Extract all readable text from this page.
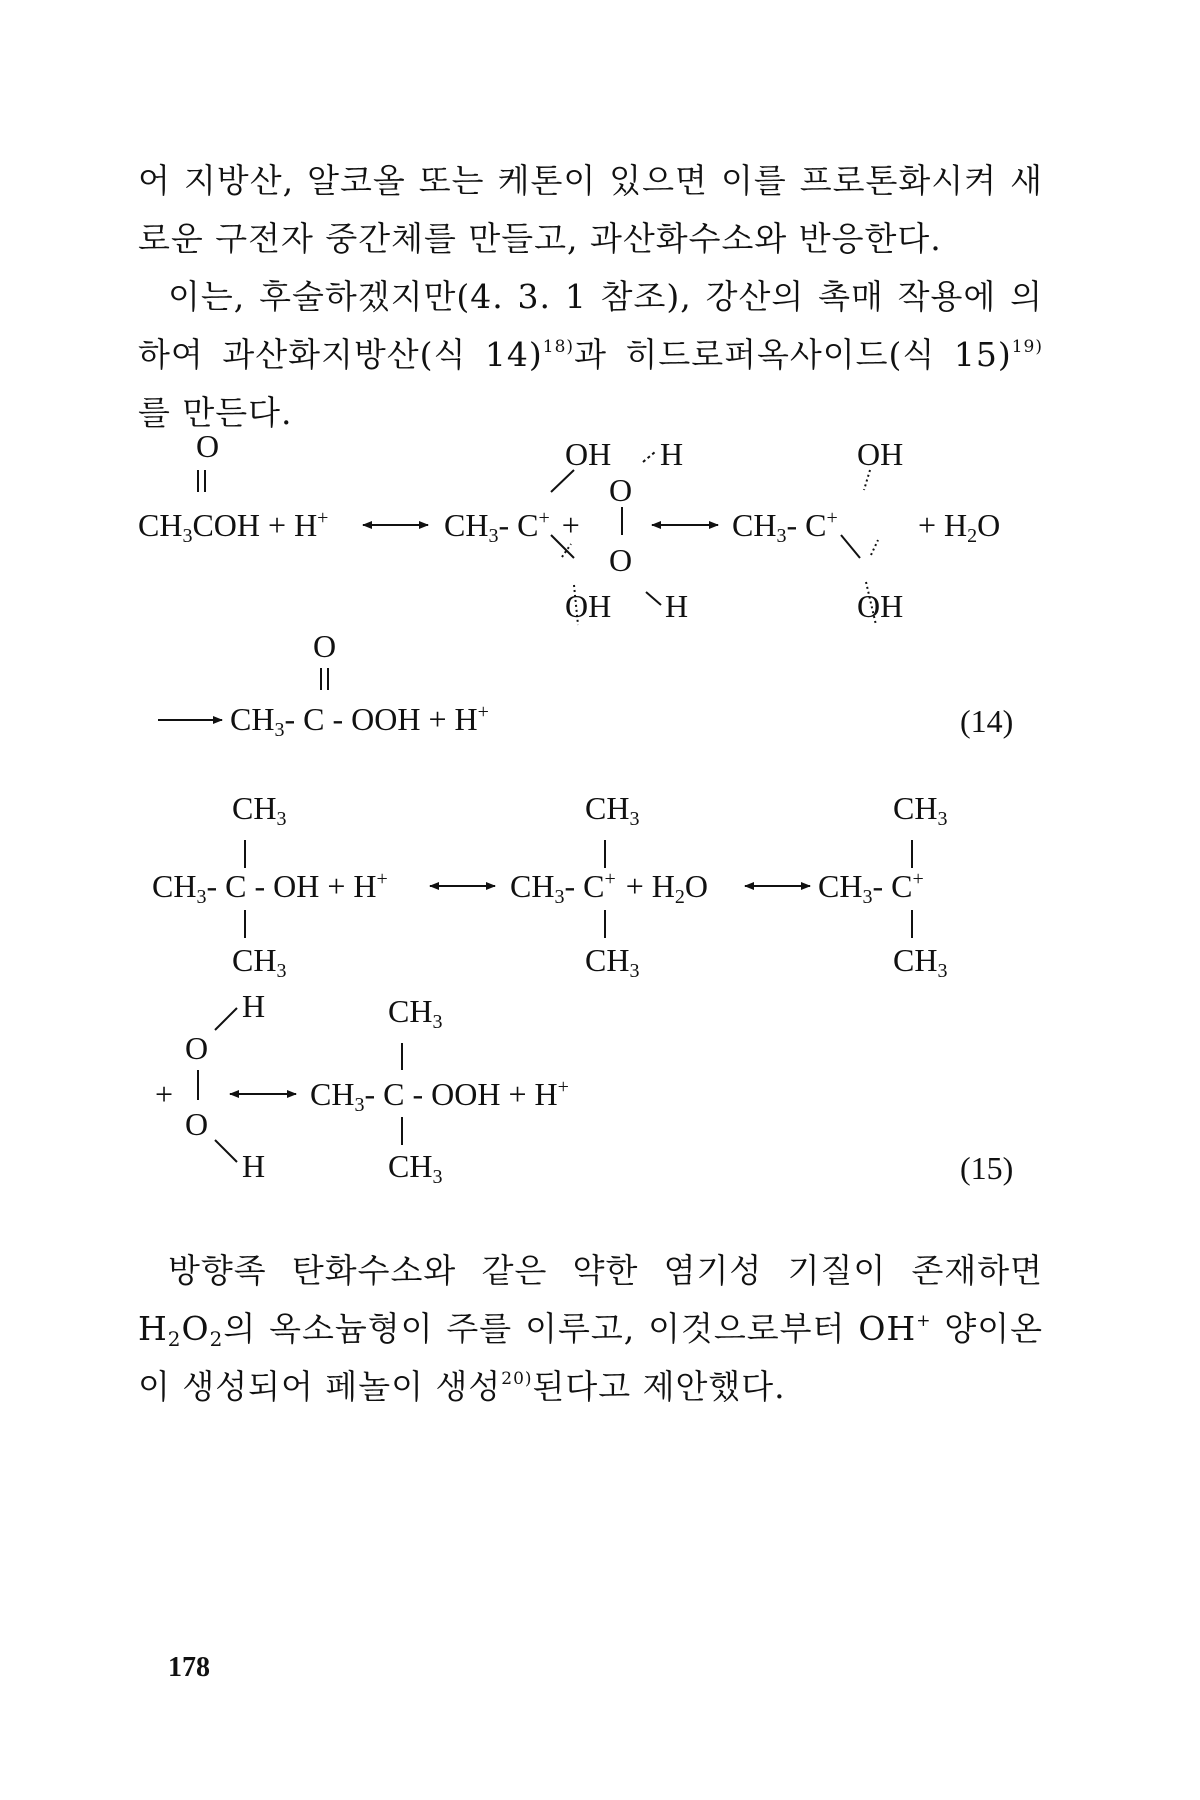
어 지방산, 알코올 또는 케톤이 있으면 이를 프로톤화시켜 새로운 구전자 중간체를 만들고, 과산화수소와 반응한다.
이는, 후술하겠지만(4. 3. 1 참조), 강산의 촉매 작용에 의하여 과산화지방산(식 14)$^{18)}$과 히드로퍼옥사이드(식 15)$^{19)}$를 만든다.
O
$CH_3COH + H^+$
OH
$CH_3-$ C+ +
OH
H
O
O
H
OH
$CH_3-$ C+	+ $H_2O$
OH
O
$CH_3-$ C - OOH + H+	(14)
$CH_3$
$CH_3-$ C - OH + H+
$CH_3$
$CH_3$
$CH_3-$ $C^+ + H_2O$
$CH_3$
$CH_3$
$CH_3-$ C+
$CH_3$
H
O
+
O
H
$CH_3$
$CH_3-$ C - OOH + H+
$CH_3$	(15)
방향족 탄화수소와 같은 약한 염기성 기질이 존재하면 $H_2O_2$의 옥소늄형이 주를 이루고, 이것으로부터 OH+ 양이온이 생성되어 페놀이 생성$^{20)}$된다고 제안했다.
178
